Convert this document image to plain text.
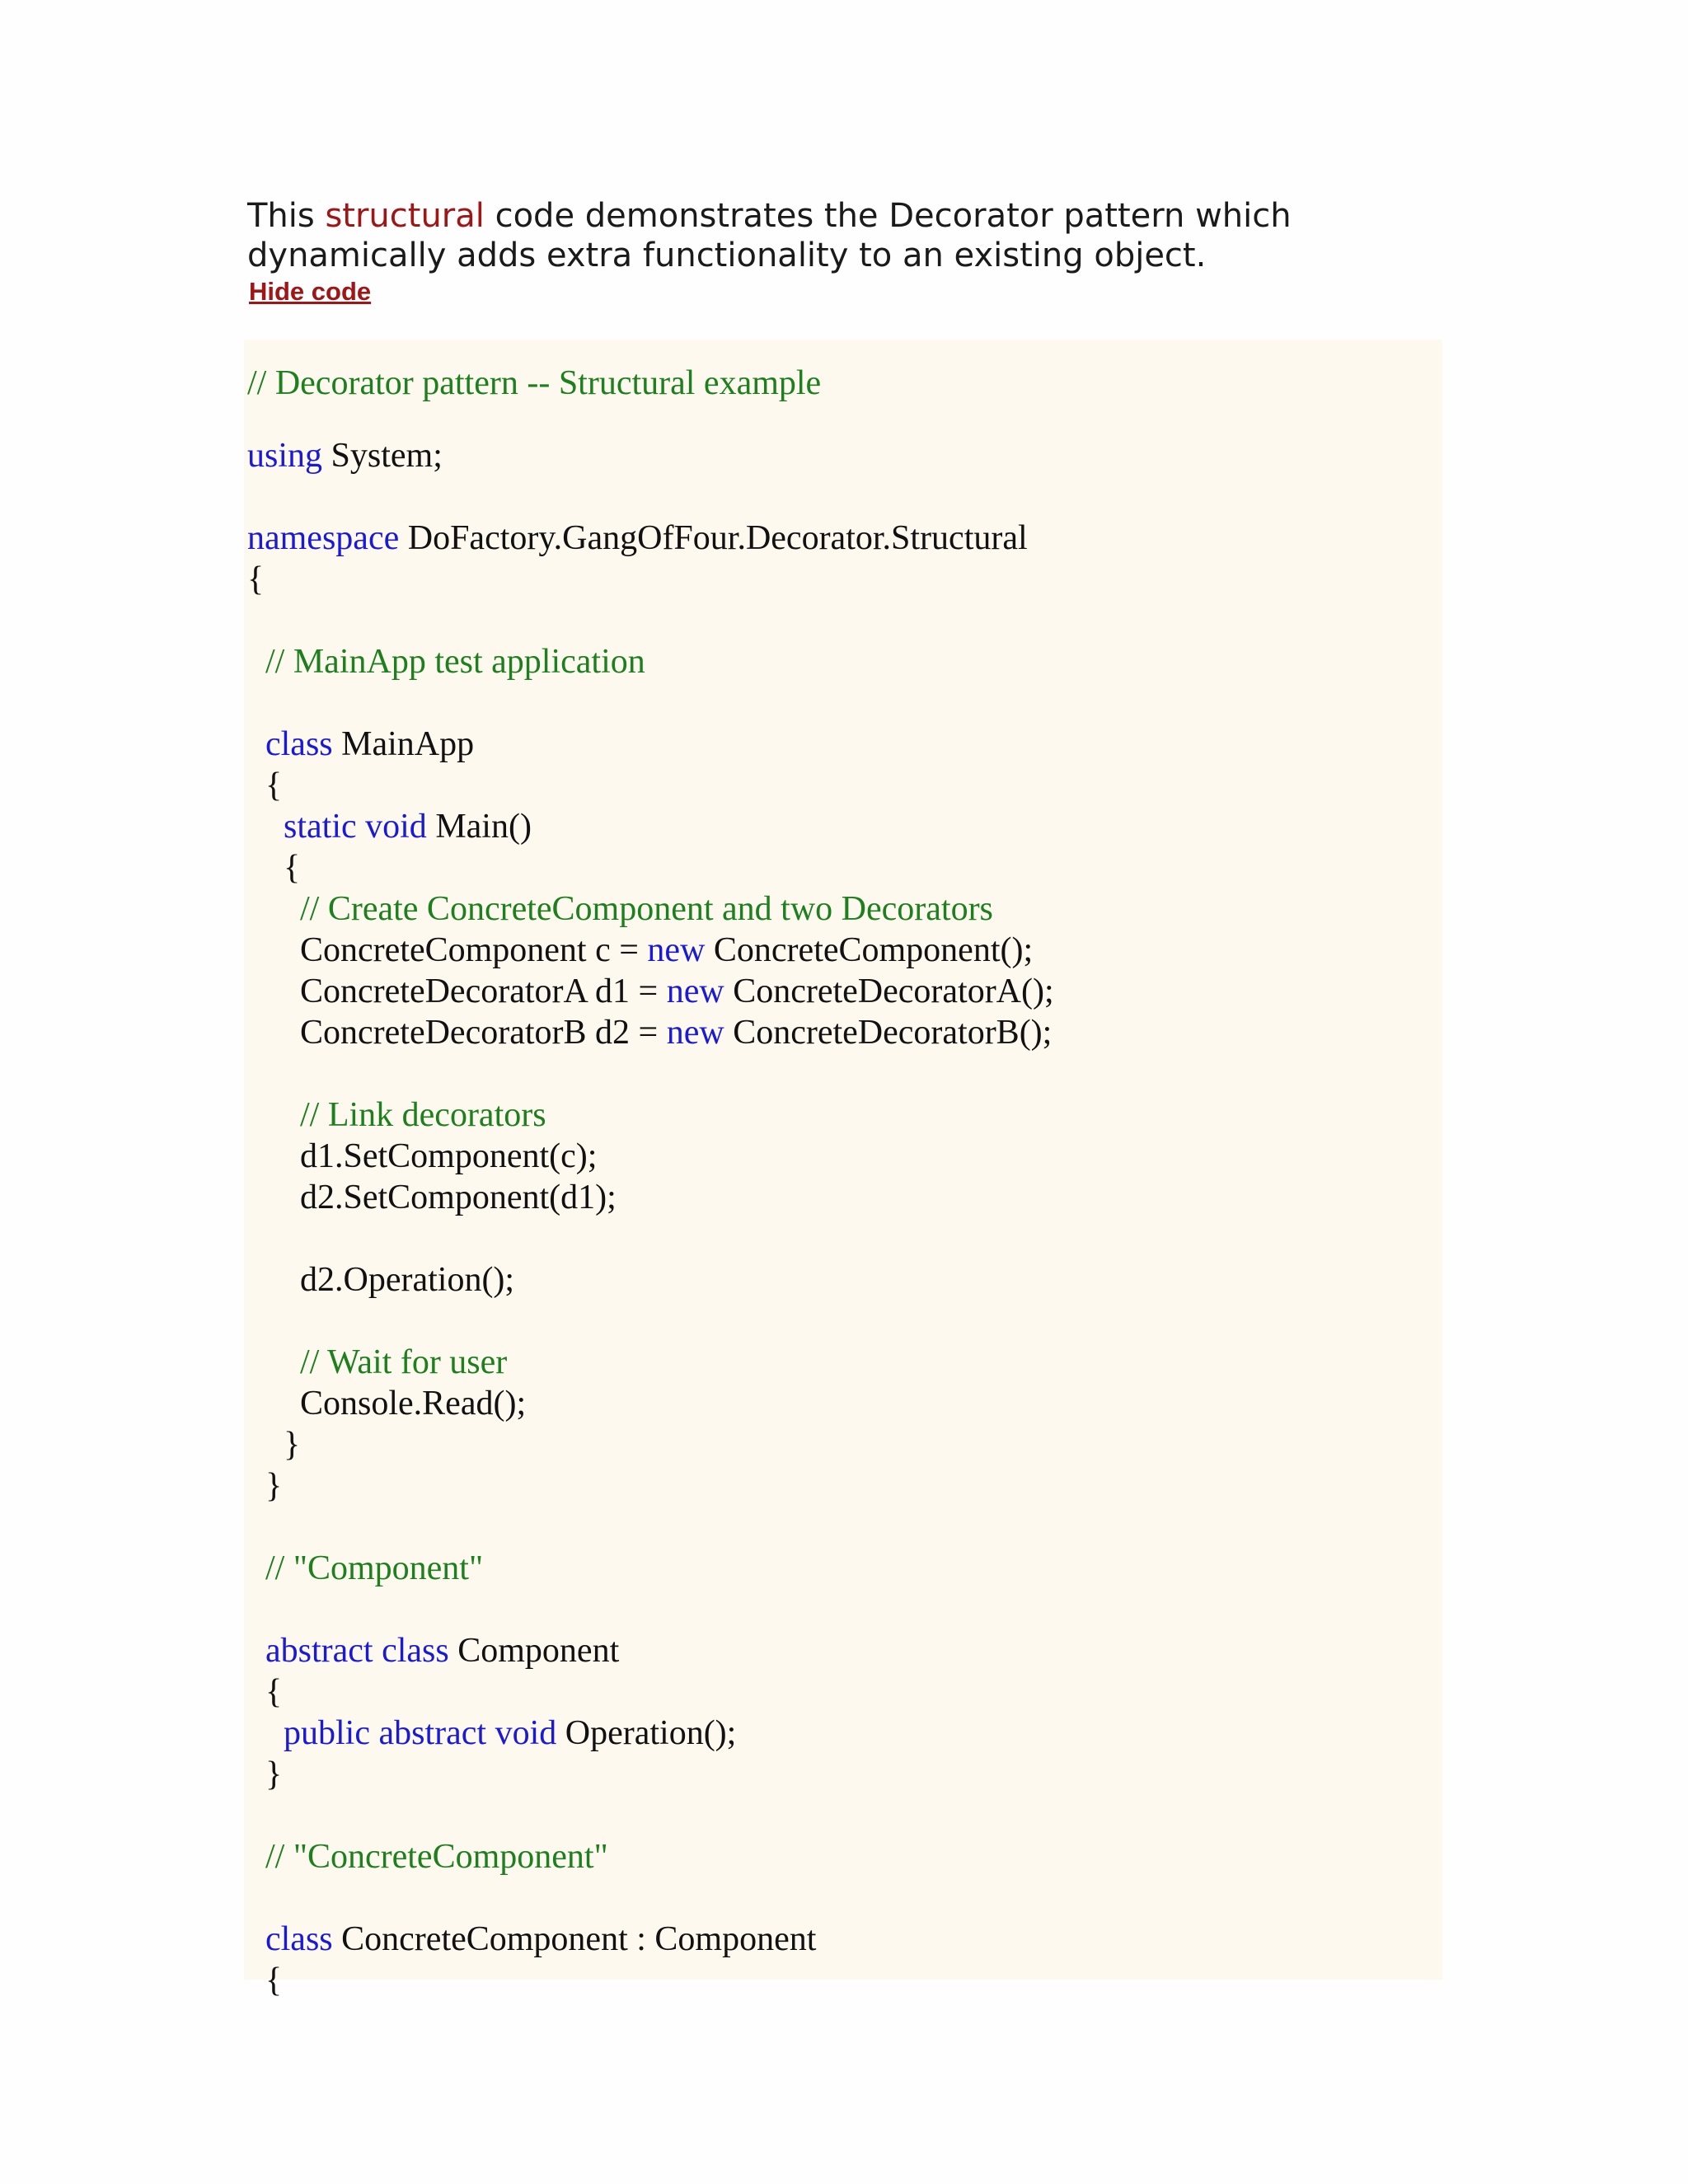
This structural code demonstrates the Decorator pattern which
dynamically adds extra functionality to an existing object.
Hide code
// Decorator pattern -- Structural example
using System;
namespace DoFactory.GangOfFour.Decorator.Structural
{
// MainApp test application
class MainApp
{
static void Main()
{
// Create ConcreteComponent and two Decorators
ConcreteComponent c = new ConcreteComponent();
ConcreteDecoratorA d1 = new ConcreteDecoratorA();
ConcreteDecoratorB d2 = new ConcreteDecoratorB();
// Link decorators
d1.SetComponent(c);
d2.SetComponent(d1);
d2.Operation();
// Wait for user
Console.Read();
}
}
// "Component"
abstract class Component
{
public abstract void Operation();
}
// "ConcreteComponent"
class ConcreteComponent : Component
{
